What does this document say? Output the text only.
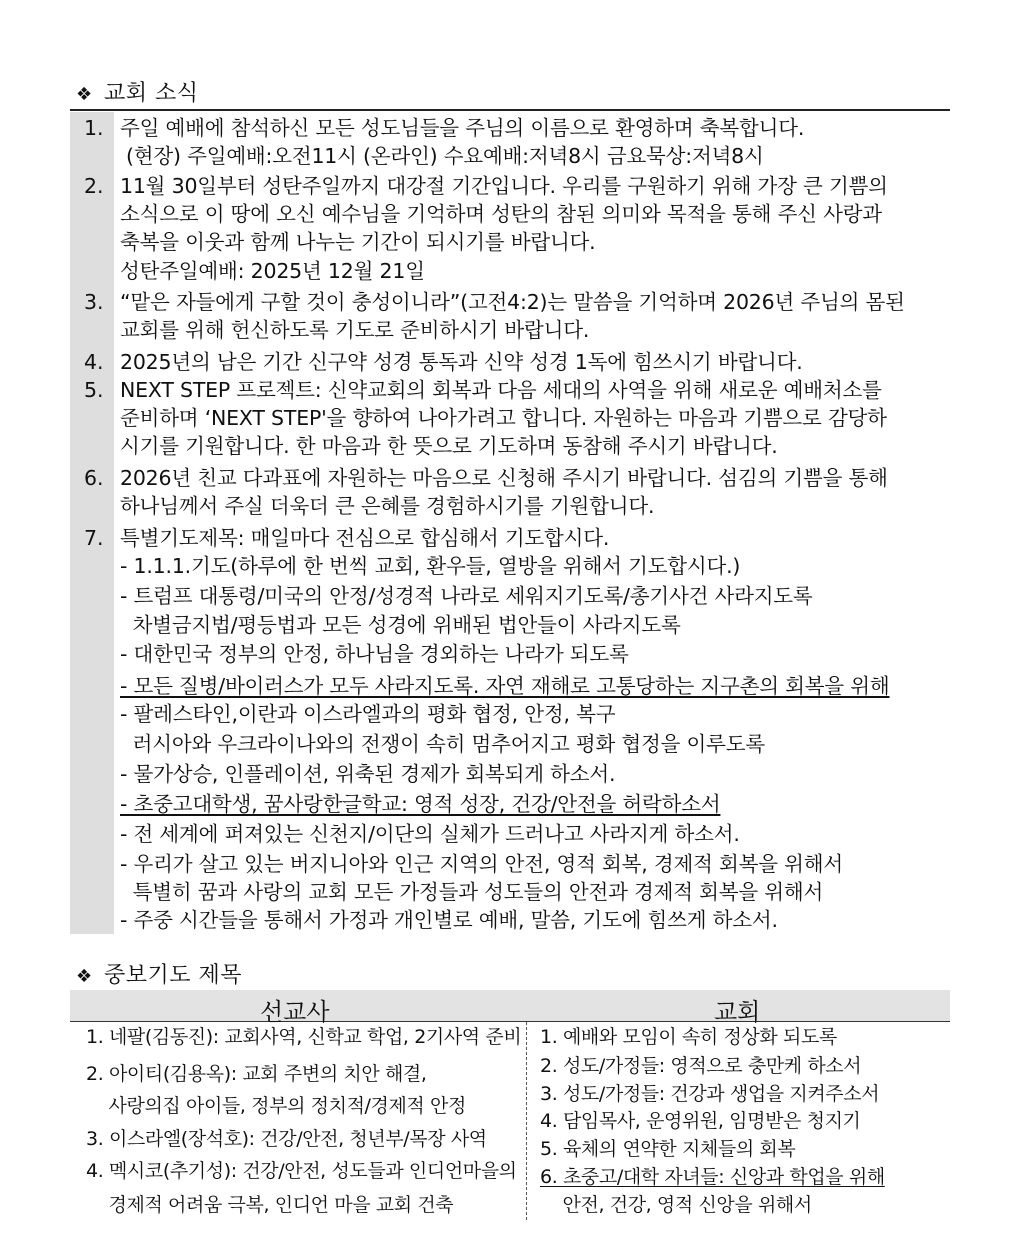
❖ 교회 소식
1. 주일 예배에 참석하신 모든 성도님들을 주님의 이름으로 환영하며 축복합니다.
(현장) 주일예배:오전11시 (온라인) 수요예배:저녁8시 금요묵상:저녁8시
2. 11월 30일부터 성탄주일까지 대강절 기간입니다. 우리를 구원하기 위해 가장 큰 기쁨의
소식으로 이 땅에 오신 예수님을 기억하며 성탄의 참된 의미와 목적을 통해 주신 사랑과
축복을 이웃과 함께 나누는 기간이 되시기를 바랍니다.
성탄주일예배: 2025년 12월 21일
3. “맡은 자들에게 구할 것이 충성이니라”(고전4:2)는 말씀을 기억하며 2026년 주님의 몸된
교회를 위해 헌신하도록 기도로 준비하시기 바랍니다.
4. 2025년의 남은 기간 신구약 성경 통독과 신약 성경 1독에 힘쓰시기 바랍니다.
5. NEXT STEP 프로젝트: 신약교회의 회복과 다음 세대의 사역을 위해 새로운 예배처소를
준비하며 ‘NEXT STEP'을 향하여 나아가려고 합니다. 자원하는 마음과 기쁨으로 감당하
시기를 기원합니다. 한 마음과 한 뜻으로 기도하며 동참해 주시기 바랍니다.
6. 2026년 친교 다과표에 자원하는 마음으로 신청해 주시기 바랍니다. 섬김의 기쁨을 통해
하나님께서 주실 더욱더 큰 은혜를 경험하시기를 기원합니다.
7. 특별기도제목: 매일마다 전심으로 합심해서 기도합시다.
- 1.1.1.기도(하루에 한 번씩 교회, 환우들, 열방을 위해서 기도합시다.)
- 트럼프 대통령/미국의 안정/성경적 나라로 세워지기도록/총기사건 사라지도록
차별금지법/평등법과 모든 성경에 위배된 법안들이 사라지도록
- 대한민국 정부의 안정, 하나님을 경외하는 나라가 되도록
- 모든 질병/바이러스가 모두 사라지도록. 자연 재해로 고통당하는 지구촌의 회복을 위해
- 팔레스타인,이란과 이스라엘과의 평화 협정, 안정, 복구
러시아와 우크라이나와의 전쟁이 속히 멈추어지고 평화 협정을 이루도록
- 물가상승, 인플레이션, 위축된 경제가 회복되게 하소서.
- 초중고대학생, 꿈사랑한글학교: 영적 성장, 건강/안전을 허락하소서
- 전 세계에 퍼져있는 신천지/이단의 실체가 드러나고 사라지게 하소서.
- 우리가 살고 있는 버지니아와 인근 지역의 안전, 영적 회복, 경제적 회복을 위해서
특별히 꿈과 사랑의 교회 모든 가정들과 성도들의 안전과 경제적 회복을 위해서
- 주중 시간들을 통해서 가정과 개인별로 예배, 말씀, 기도에 힘쓰게 하소서.
❖ 중보기도 제목
선교사	교회
1. 네팔(김동진): 교회사역, 신학교 학업, 2기사역 준비
2. 아이티(김용옥): 교회 주변의 치안 해결,
사랑의집 아이들, 정부의 정치적/경제적 안정
3. 이스라엘(장석호): 건강/안전, 청년부/목장 사역
4. 멕시코(추기성): 건강/안전, 성도들과 인디언마을의
경제적 어려움 극복, 인디언 마을 교회 건축
1. 예배와 모임이 속히 정상화 되도록
2. 성도/가정들: 영적으로 충만케 하소서
3. 성도/가정들: 건강과 생업을 지켜주소서
4. 담임목사, 운영위원, 임명받은 청지기
5. 육체의 연약한 지체들의 회복
6. 초중고/대학 자녀들: 신앙과 학업을 위해
안전, 건강, 영적 신앙을 위해서
